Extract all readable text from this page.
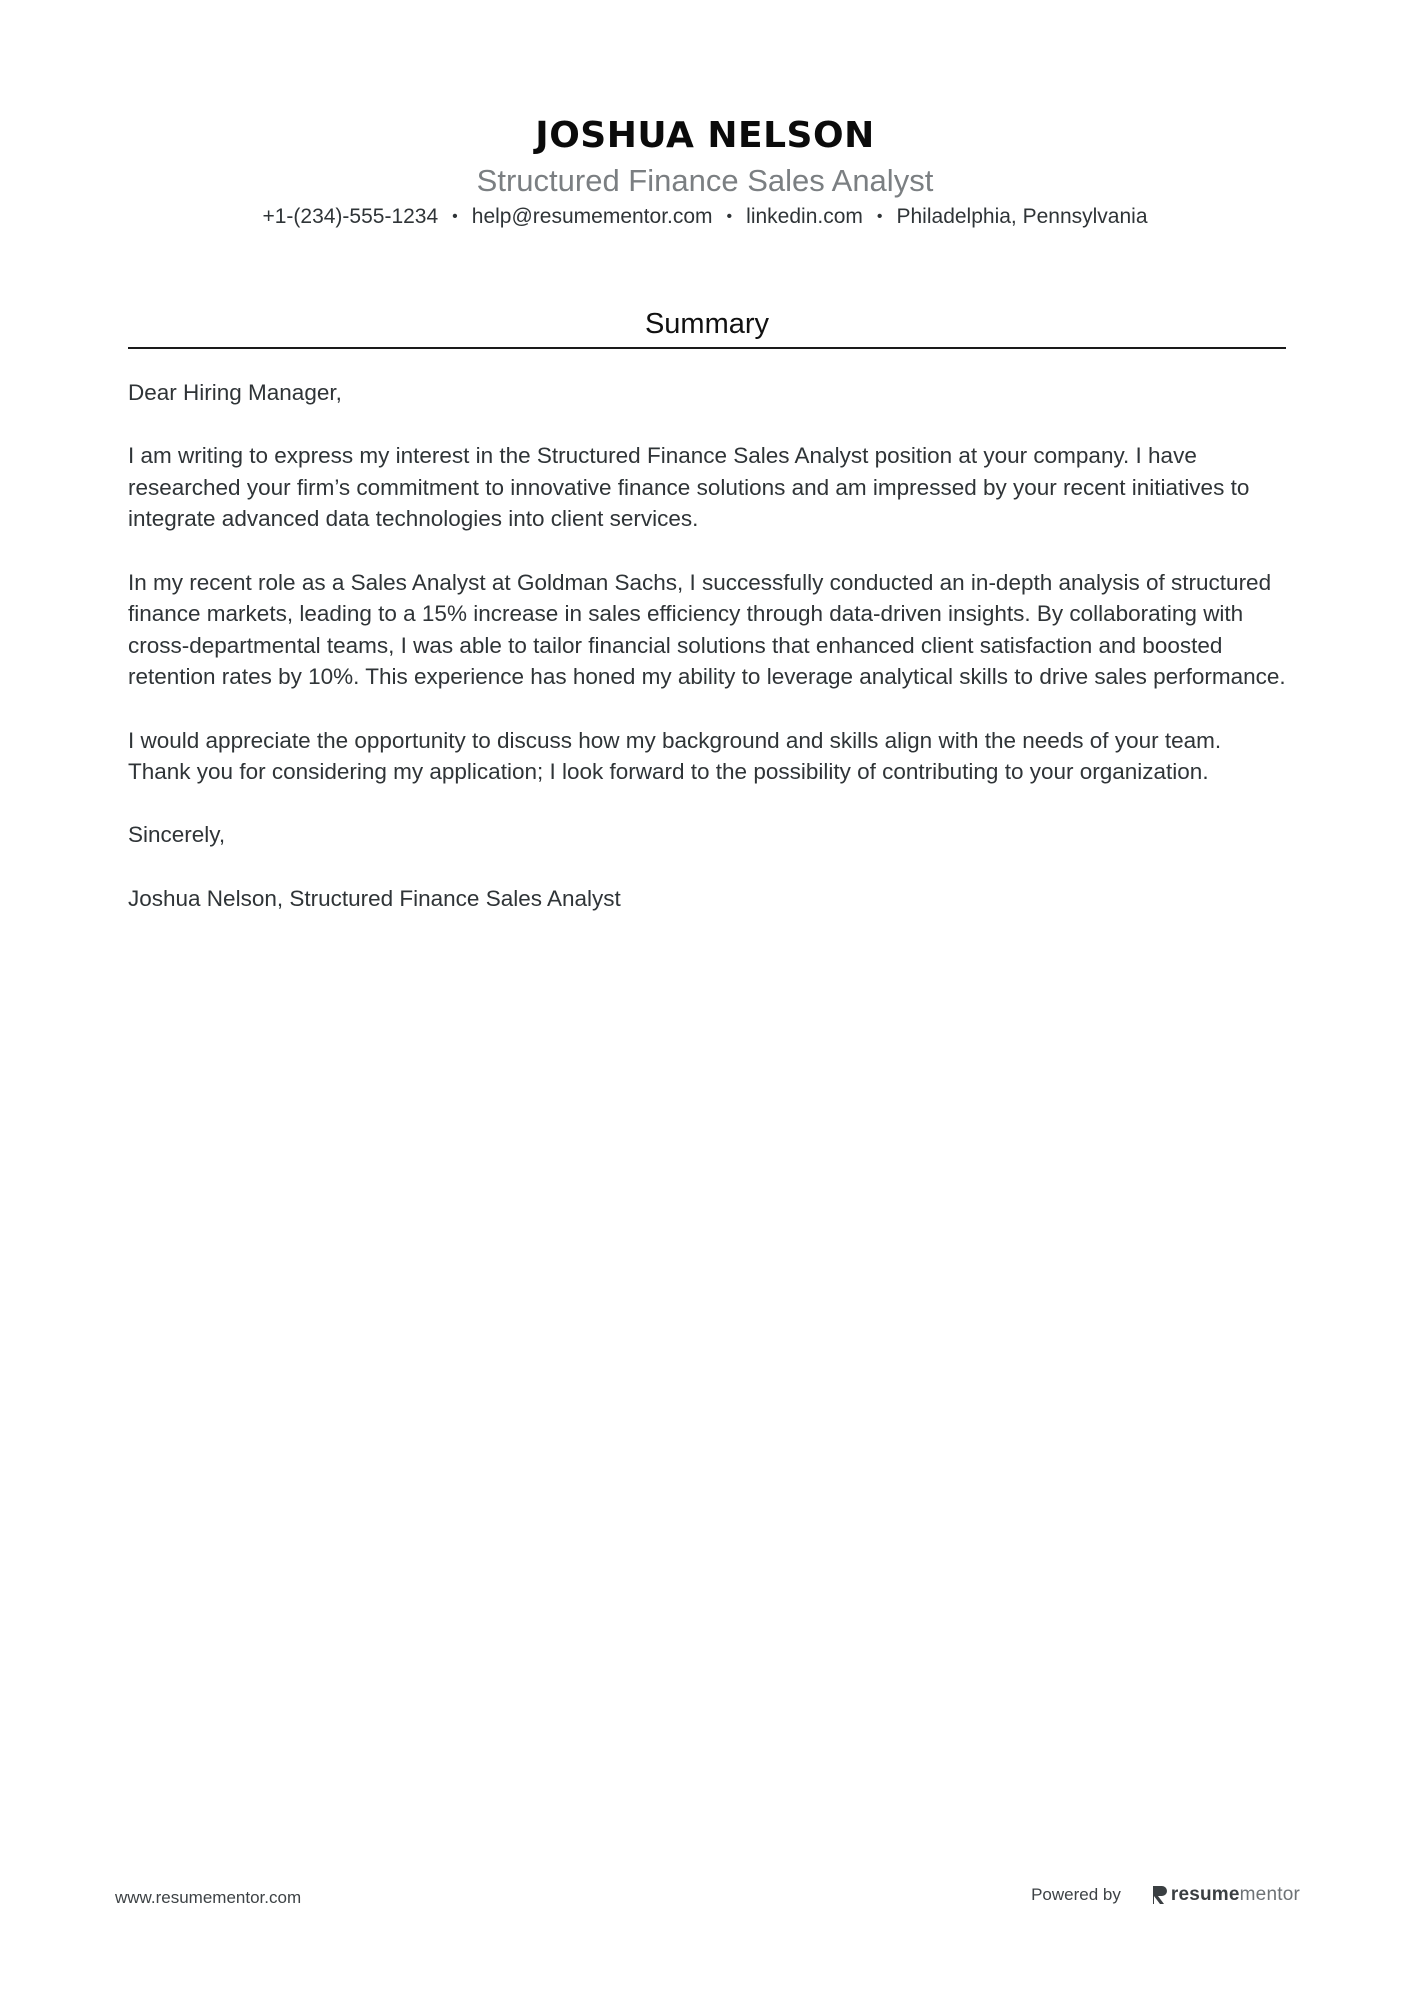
JOSHUA NELSON
Structured Finance Sales Analyst
+1-(234)-555-1234 • help@resumementor.com • linkedin.com • Philadelphia, Pennsylvania
Summary

Dear Hiring Manager,

I am writing to express my interest in the Structured Finance Sales Analyst position at your company. I have researched your firm’s commitment to innovative finance solutions and am impressed by your recent initiatives to integrate advanced data technologies into client services.

In my recent role as a Sales Analyst at Goldman Sachs, I successfully conducted an in-depth analysis of structured finance markets, leading to a 15% increase in sales efficiency through data-driven insights. By collaborating with cross-departmental teams, I was able to tailor financial solutions that enhanced client satisfaction and boosted retention rates by 10%. This experience has honed my ability to leverage analytical skills to drive sales performance.

I would appreciate the opportunity to discuss how my background and skills align with the needs of your team. Thank you for considering my application; I look forward to the possibility of contributing to your organization.

Sincerely,

Joshua Nelson, Structured Finance Sales Analyst

www.resumementor.com	Powered by	resumementor
